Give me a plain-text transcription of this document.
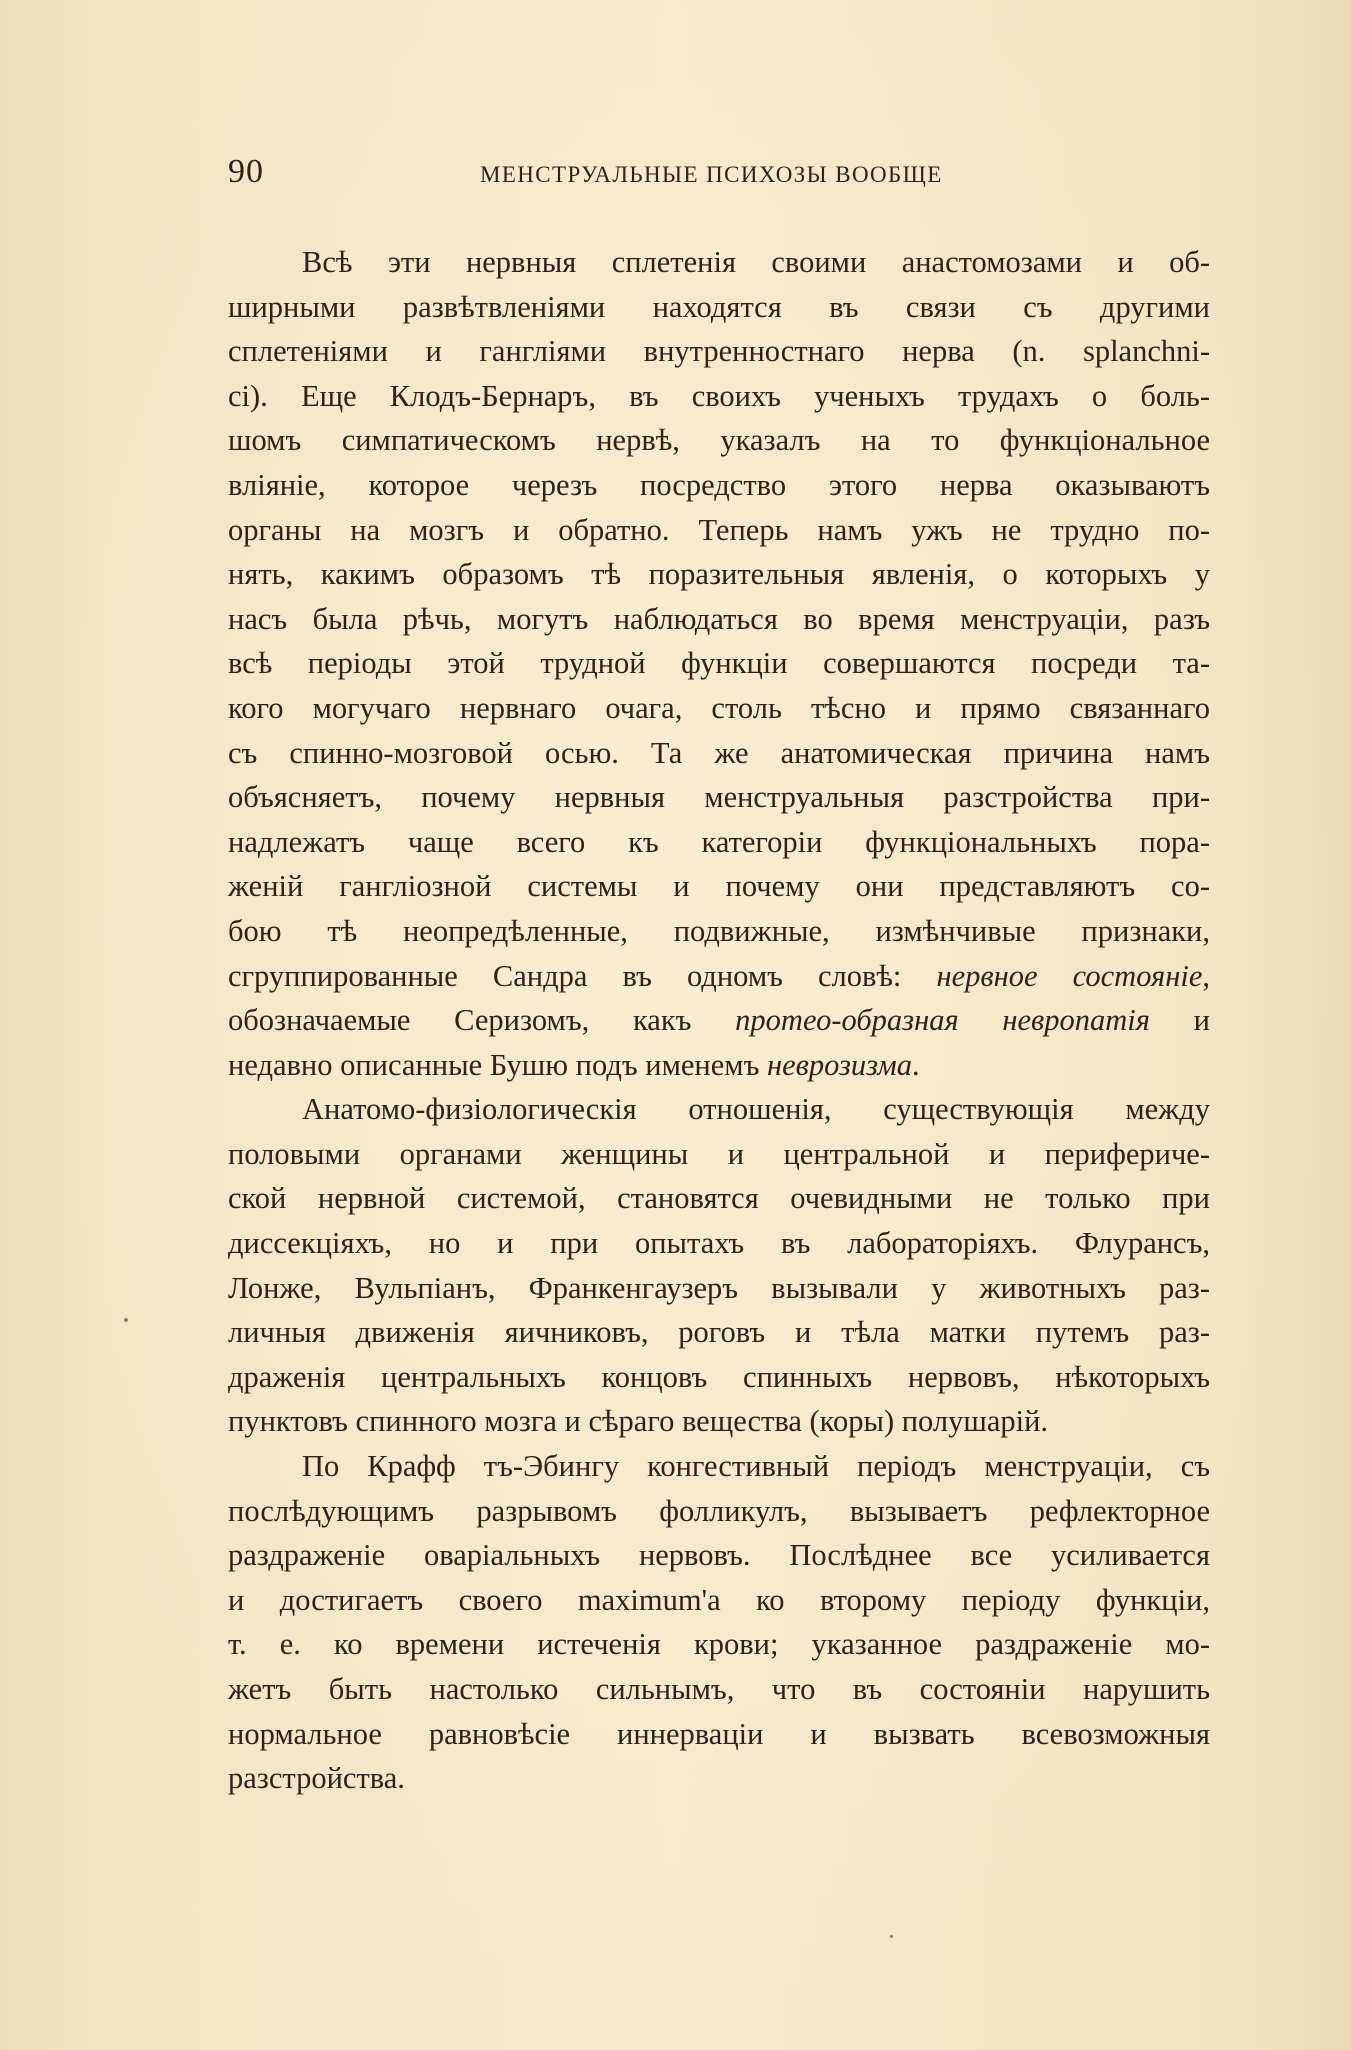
90	МЕНСТРУАЛЬНЫЕ ПСИХОЗЫ ВООБЩЕ
Всѣ эти нервныя сплетенія своими анастомозами и об-
ширными развѣтвленіями находятся въ связи съ другими
сплетеніями и гангліями внутренностнаго нерва (n. splanchni-
ci). Еще Клодъ-Бернаръ, въ своихъ ученыхъ трудахъ о боль-
шомъ симпатическомъ нервѣ, указалъ на то функціональное
вліяніе, которое черезъ посредство этого нерва оказываютъ
органы на мозгъ и обратно. Теперь намъ ужъ не трудно по-
нять, какимъ образомъ тѣ поразительныя явленія, о которыхъ у
насъ была рѣчь, могутъ наблюдаться во время менструаціи, разъ
всѣ періоды этой трудной функціи совершаются посреди та-
кого могучаго нервнаго очага, столь тѣсно и прямо связаннаго
съ спинно-мозговой осью. Та же анатомическая причина намъ
объясняетъ, почему нервныя менструальныя разстройства при-
надлежатъ чаще всего къ категоріи функціональныхъ пора-
женій гангліозной системы и почему они представляютъ со-
бою тѣ неопредѣленные, подвижные, измѣнчивые признаки,
сгруппированные Сандра въ одномъ словѣ: нервное состояніе,
обозначаемые Серизомъ, какъ протео-образная невропатія и
недавно описанные Бушю подъ именемъ неврозизма.
Анатомо-физіологическія отношенія, существующія между
половыми органами женщины и центральной и перифериче-
ской нервной системой, становятся очевидными не только при
диссекціяхъ, но и при опытахъ въ лабораторіяхъ. Флурансъ,
Лонже, Вульпіанъ, Франкенгаузеръ вызывали у животныхъ раз-
личныя движенія яичниковъ, роговъ и тѣла матки путемъ раз-
драженія центральныхъ концовъ спинныхъ нервовъ, нѣкоторыхъ
пунктовъ спинного мозга и сѣраго вещества (коры) полушарій.
По Крафф тъ-Эбингу конгестивный періодъ менструаціи, съ
послѣдующимъ разрывомъ фолликулъ, вызываетъ рефлекторное
раздраженіе оваріальныхъ нервовъ. Послѣднее все усиливается
и достигаетъ своего maximum'а ко второму періоду функціи,
т. е. ко времени истеченія крови; указанное раздраженіе мо-
жетъ быть настолько сильнымъ, что въ состояніи нарушить
нормальное равновѣсіе иннерваціи и вызвать всевозможныя
разстройства.
